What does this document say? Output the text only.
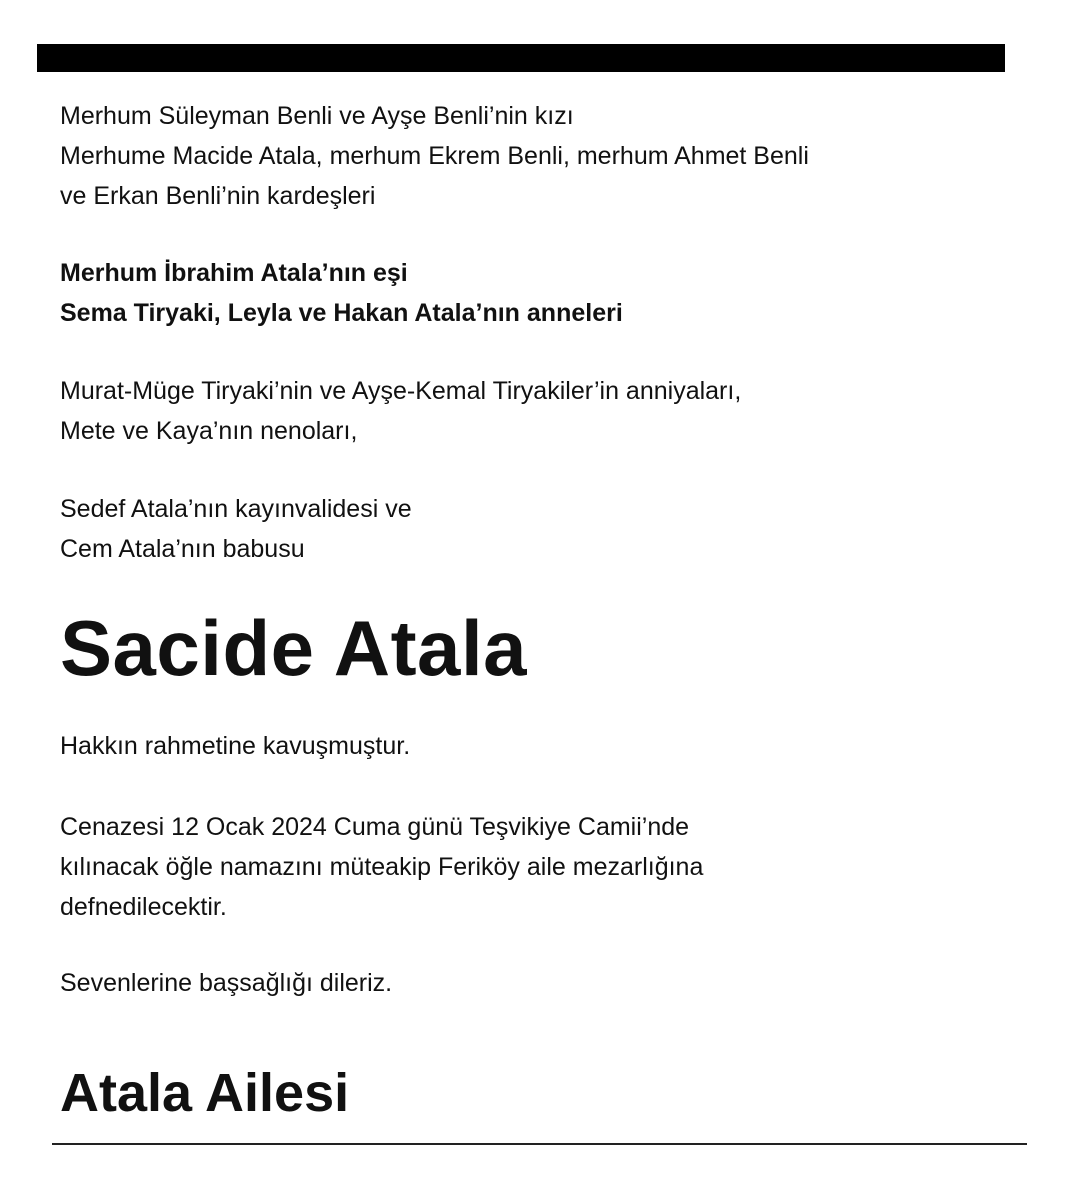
Merhum Süleyman Benli ve Ayşe Benli’nin kızı
Merhume Macide Atala, merhum Ekrem Benli, merhum Ahmet Benli
ve Erkan Benli’nin kardeşleri
Merhum İbrahim Atala’nın eşi
Sema Tiryaki, Leyla ve Hakan Atala’nın anneleri
Murat-Müge Tiryaki’nin ve Ayşe-Kemal Tiryakiler’in anniyaları,
Mete ve Kaya’nın nenoları,
Sedef Atala’nın kayınvalidesi ve
Cem Atala’nın babusu
Sacide Atala
Hakkın rahmetine kavuşmuştur.
Cenazesi 12 Ocak 2024 Cuma günü Teşvikiye Camii’nde
kılınacak öğle namazını müteakip Feriköy aile mezarlığına
defnedilecektir.
Sevenlerine başsağlığı dileriz.
Atala Ailesi
